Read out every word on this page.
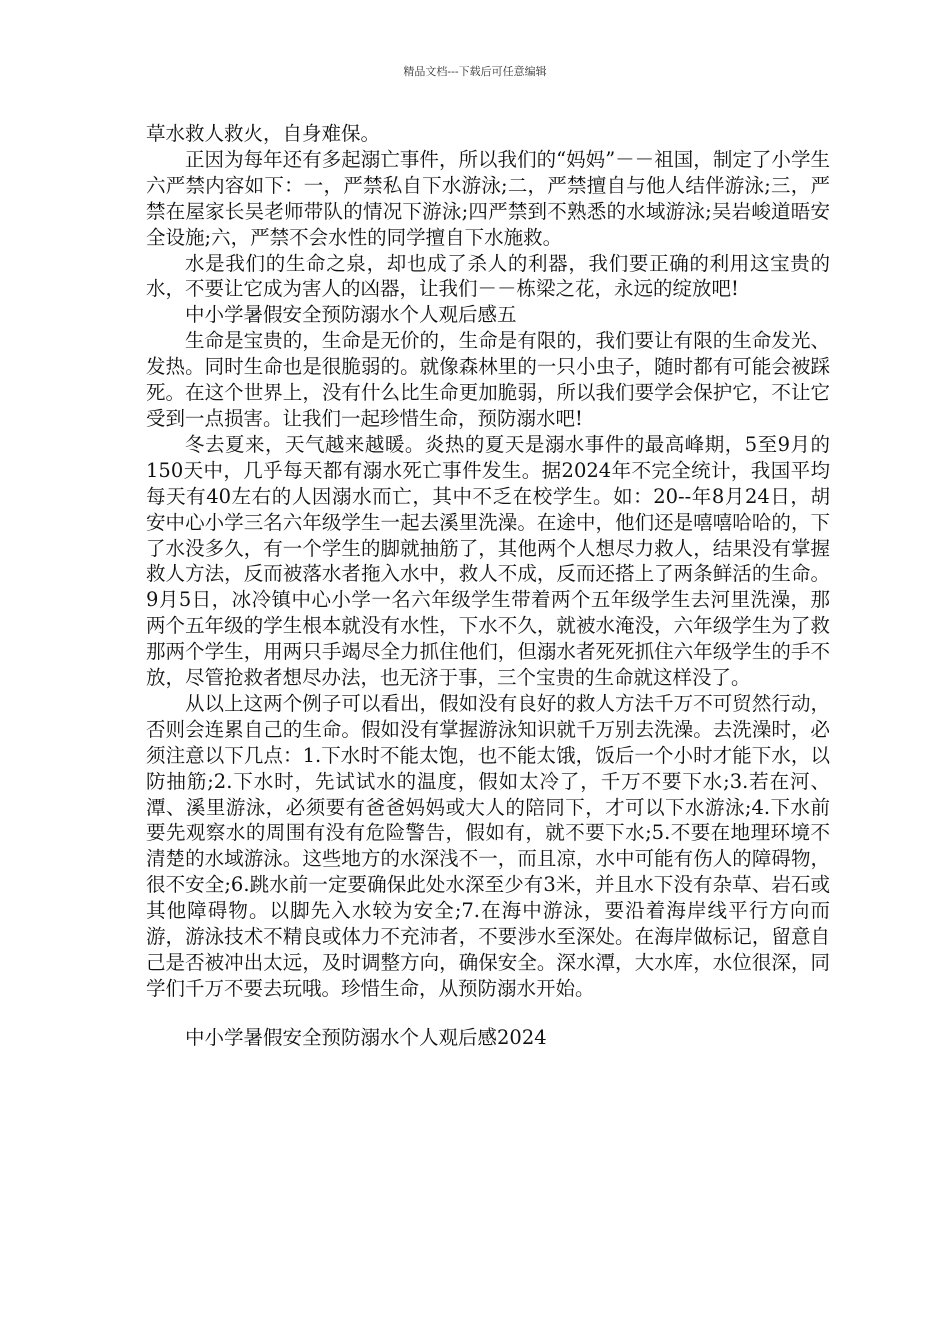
精品文档---下载后可任意编辑

草水救人救火，自身难保。

正因为每年还有多起溺亡事件，所以我们的“妈妈”－－祖国，制定了小学生六严禁内容如下：一，严禁私自下水游泳;二，严禁擅自与他人结伴游泳;三，严禁在屋家长吴老师带队的情况下游泳;四严禁到不熟悉的水域游泳;吴岩峻道晤安全设施;六，严禁不会水性的同学擅自下水施救。

水是我们的生命之泉，却也成了杀人的利器，我们要正确的利用这宝贵的水，不要让它成为害人的凶器，让我们－－栋梁之花，永远的绽放吧!

中小学暑假安全预防溺水个人观后感五

生命是宝贵的，生命是无价的，生命是有限的，我们要让有限的生命发光、发热。同时生命也是很脆弱的。就像森林里的一只小虫子，随时都有可能会被踩死。在这个世界上，没有什么比生命更加脆弱，所以我们要学会保护它，不让它受到一点损害。让我们一起珍惜生命，预防溺水吧!

冬去夏来，天气越来越暖。炎热的夏天是溺水事件的最高峰期，5至9月的150天中，几乎每天都有溺水死亡事件发生。据2024年不完全统计，我国平均每天有40左右的人因溺水而亡，其中不乏在校学生。如：20--年8月24日，胡安中心小学三名六年级学生一起去溪里洗澡。在途中，他们还是嘻嘻哈哈的，下了水没多久，有一个学生的脚就抽筋了，其他两个人想尽力救人，结果没有掌握救人方法，反而被落水者拖入水中，救人不成，反而还搭上了两条鲜活的生命。9月5日，冰冷镇中心小学一名六年级学生带着两个五年级学生去河里洗澡，那两个五年级的学生根本就没有水性，下水不久，就被水淹没，六年级学生为了救那两个学生，用两只手竭尽全力抓住他们，但溺水者死死抓住六年级学生的手不放，尽管抢救者想尽办法，也无济于事，三个宝贵的生命就这样没了。

从以上这两个例子可以看出，假如没有良好的救人方法千万不可贸然行动，否则会连累自己的生命。假如没有掌握游泳知识就千万别去洗澡。去洗澡时，必须注意以下几点：1.下水时不能太饱，也不能太饿，饭后一个小时才能下水，以防抽筋;2.下水时，先试试水的温度，假如太冷了，千万不要下水;3.若在河、潭、溪里游泳，必须要有爸爸妈妈或大人的陪同下，才可以下水游泳;4.下水前要先观察水的周围有没有危险警告，假如有，就不要下水;5.不要在地理环境不清楚的水域游泳。这些地方的水深浅不一，而且凉，水中可能有伤人的障碍物，很不安全;6.跳水前一定要确保此处水深至少有3米，并且水下没有杂草、岩石或其他障碍物。以脚先入水较为安全;7.在海中游泳，要沿着海岸线平行方向而游，游泳技术不精良或体力不充沛者，不要涉水至深处。在海岸做标记，留意自己是否被冲出太远，及时调整方向，确保安全。深水潭，大水库，水位很深，同学们千万不要去玩哦。珍惜生命，从预防溺水开始。

中小学暑假安全预防溺水个人观后感2024
